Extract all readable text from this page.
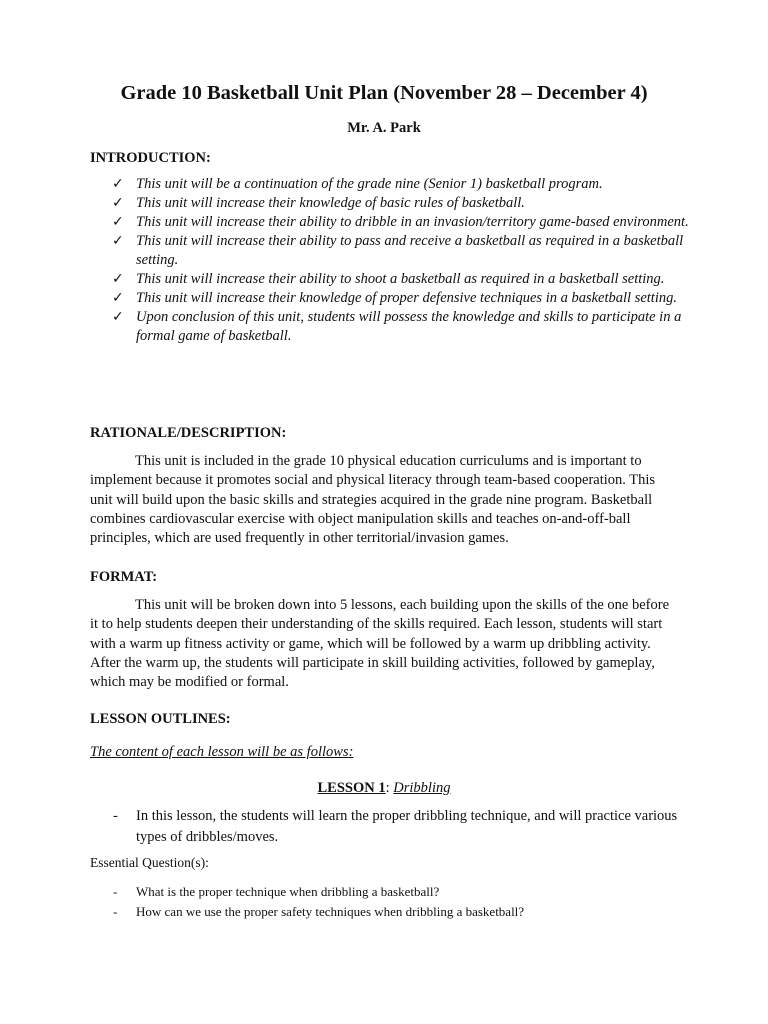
Grade 10 Basketball Unit Plan (November 28 – December 4)
Mr. A. Park
INTRODUCTION:
✓ This unit will be a continuation of the grade nine (Senior 1) basketball program.
✓ This unit will increase their knowledge of basic rules of basketball.
✓ This unit will increase their ability to dribble in an invasion/territory game-based environment.
✓ This unit will increase their ability to pass and receive a basketball as required in a basketball setting.
✓ This unit will increase their ability to shoot a basketball as required in a basketball setting.
✓ This unit will increase their knowledge of proper defensive techniques in a basketball setting.
✓ Upon conclusion of this unit, students will possess the knowledge and skills to participate in a formal game of basketball.
RATIONALE/DESCRIPTION:

This unit is included in the grade 10 physical education curriculums and is important to implement because it promotes social and physical literacy through team-based cooperation. This unit will build upon the basic skills and strategies acquired in the grade nine program. Basketball combines cardiovascular exercise with object manipulation skills and teaches on-and-off-ball principles, which are used frequently in other territorial/invasion games.

FORMAT:

This unit will be broken down into 5 lessons, each building upon the skills of the one before it to help students deepen their understanding of the skills required. Each lesson, students will start with a warm up fitness activity or game, which will be followed by a warm up dribbling activity. After the warm up, the students will participate in skill building activities, followed by gameplay, which may be modified or formal.

LESSON OUTLINES:
The content of each lesson will be as follows:
LESSON 1: Dribbling
- In this lesson, the students will learn the proper dribbling technique, and will practice various types of dribbles/moves.
Essential Question(s):
- What is the proper technique when dribbling a basketball?
- How can we use the proper safety techniques when dribbling a basketball?
